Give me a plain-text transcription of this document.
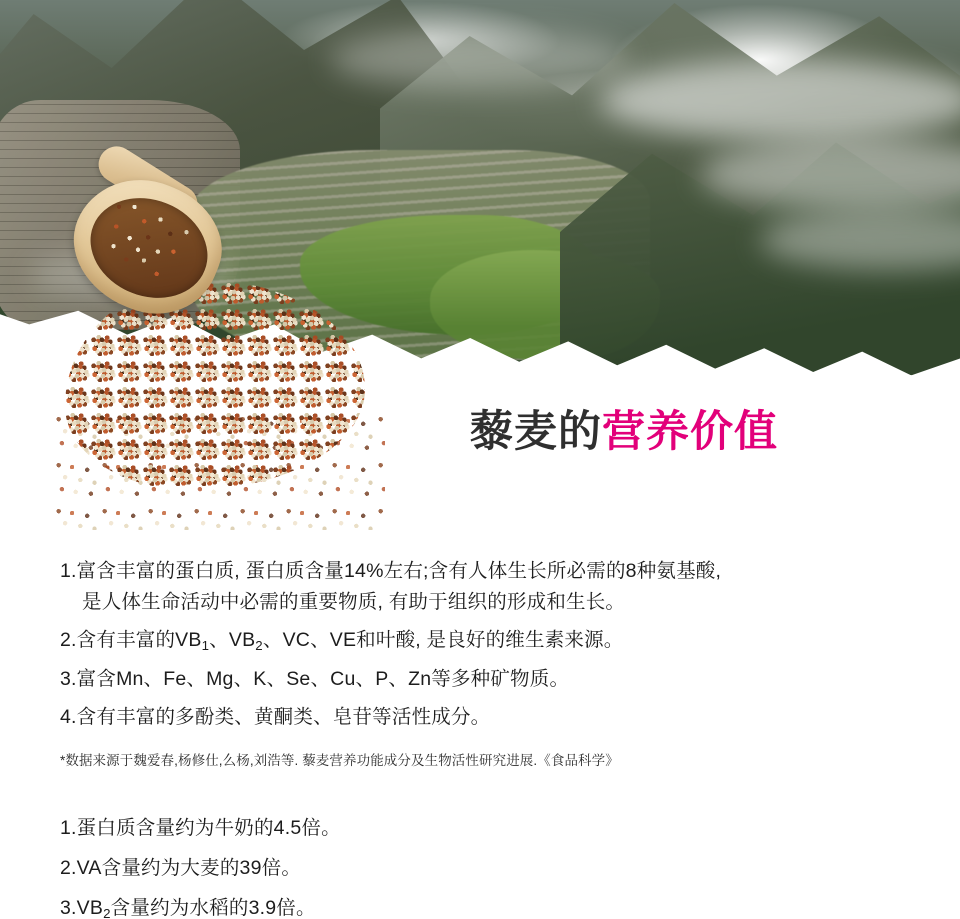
藜麦的营养价值
1.富含丰富的蛋白质, 蛋白质含量14%左右;含有人体生长所必需的8种氨基酸,
是人体生命活动中必需的重要物质, 有助于组织的形成和生长。
2.含有丰富的$VB_1$、$VB_2$、VC、VE和叶酸, 是良好的维生素来源。
3.富含Mn、Fe、Mg、K、Se、Cu、P、Zn等多种矿物质。
4.含有丰富的多酚类、黄酮类、皂苷等活性成分。
*数据来源于魏爱春,杨修仕,么杨,刘浩等. 藜麦营养功能成分及生物活性研究进展.《食品科学》
1.蛋白质含量约为牛奶的4.5倍。
2.VA含量约为大麦的39倍。
$3.VB_2$含量约为水稻的3.9倍。
